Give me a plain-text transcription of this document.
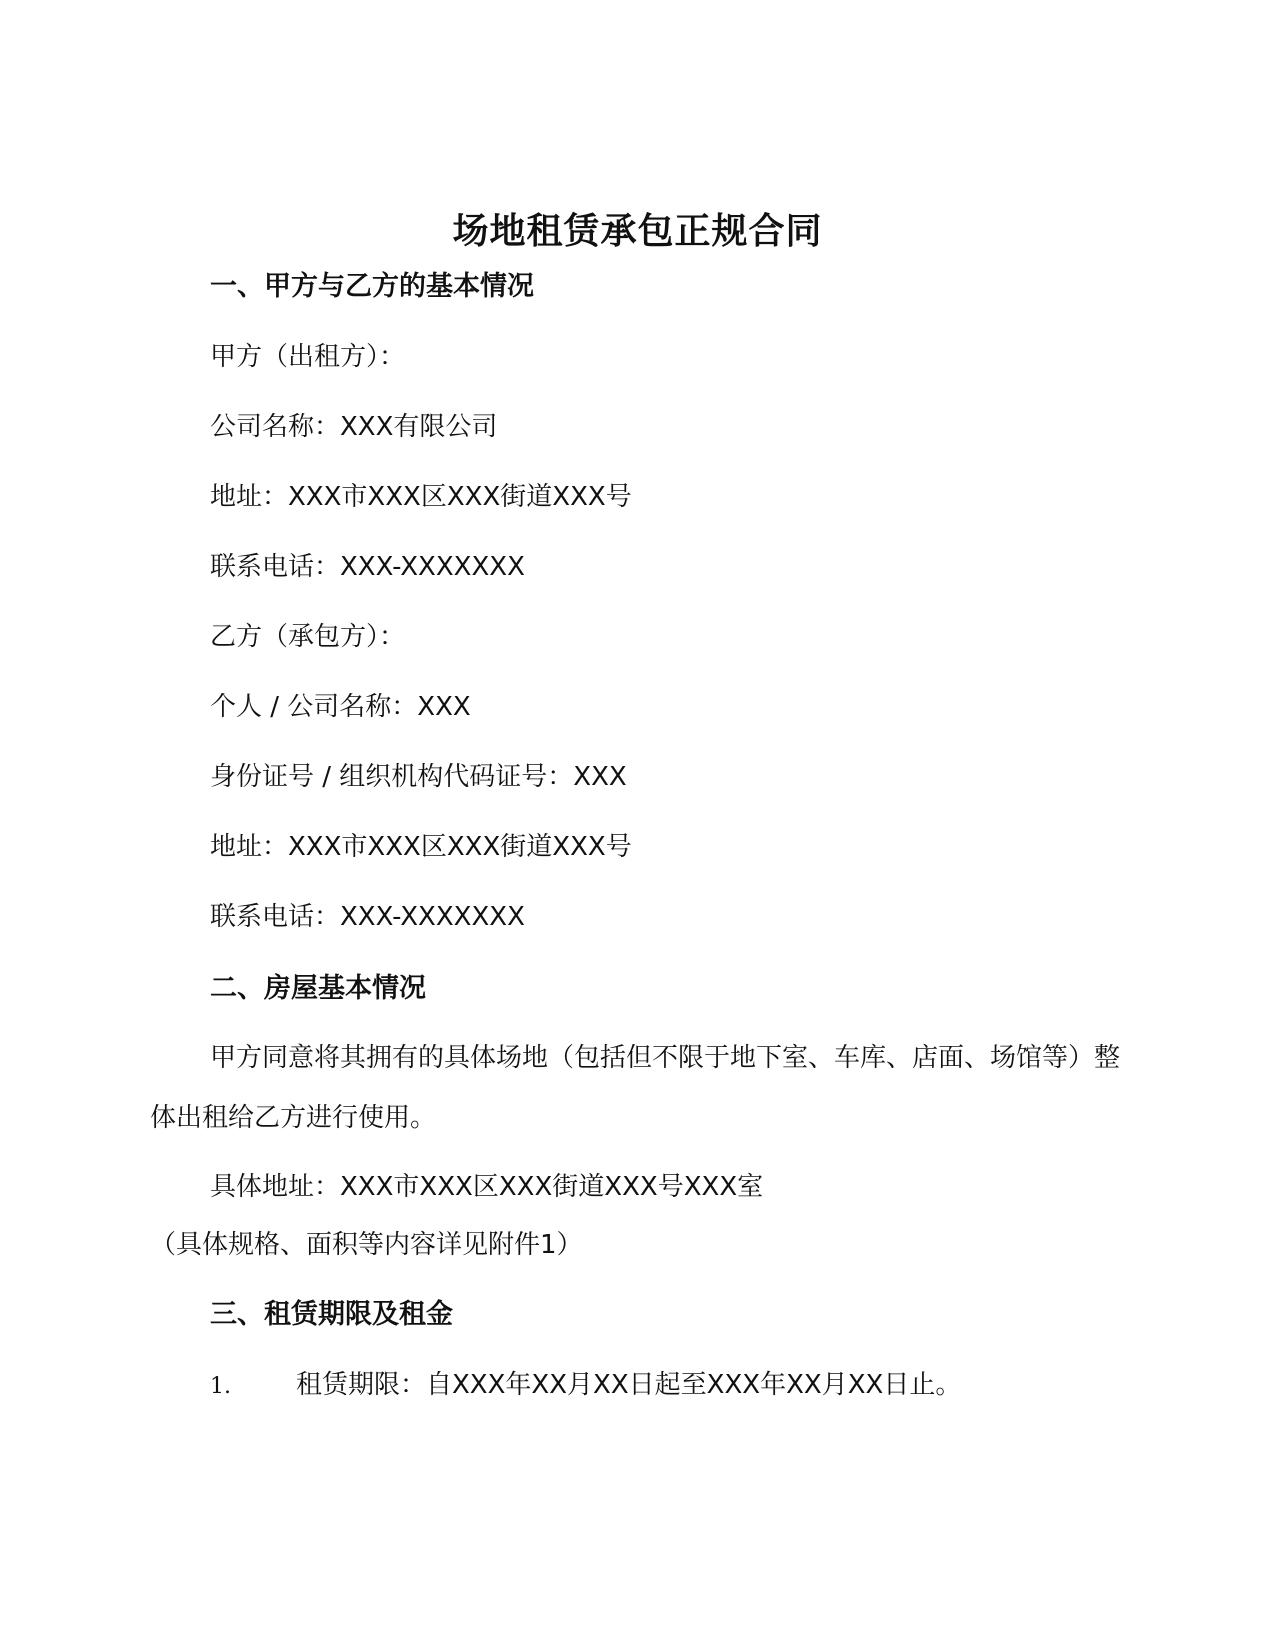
场地租赁承包正规合同
一、甲方与乙方的基本情况
甲方（出租方）：
公司名称：XXX有限公司
地址：XXX市XXX区XXX街道XXX号
联系电话：XXX-XXXXXXX
乙方（承包方）：
个人 / 公司名称：XXX
身份证号 / 组织机构代码证号：XXX
地址：XXX市XXX区XXX街道XXX号
联系电话：XXX-XXXXXXX
二、房屋基本情况
甲方同意将其拥有的具体场地（包括但不限于地下室、车库、店面、场馆等）整体出租给乙方进行使用。
具体地址：XXX市XXX区XXX街道XXX号XXX室
（具体规格、面积等内容详见附件1）
三、租赁期限及租金
1.	租赁期限：自XXX年XX月XX日起至XXX年XX月XX日止。
